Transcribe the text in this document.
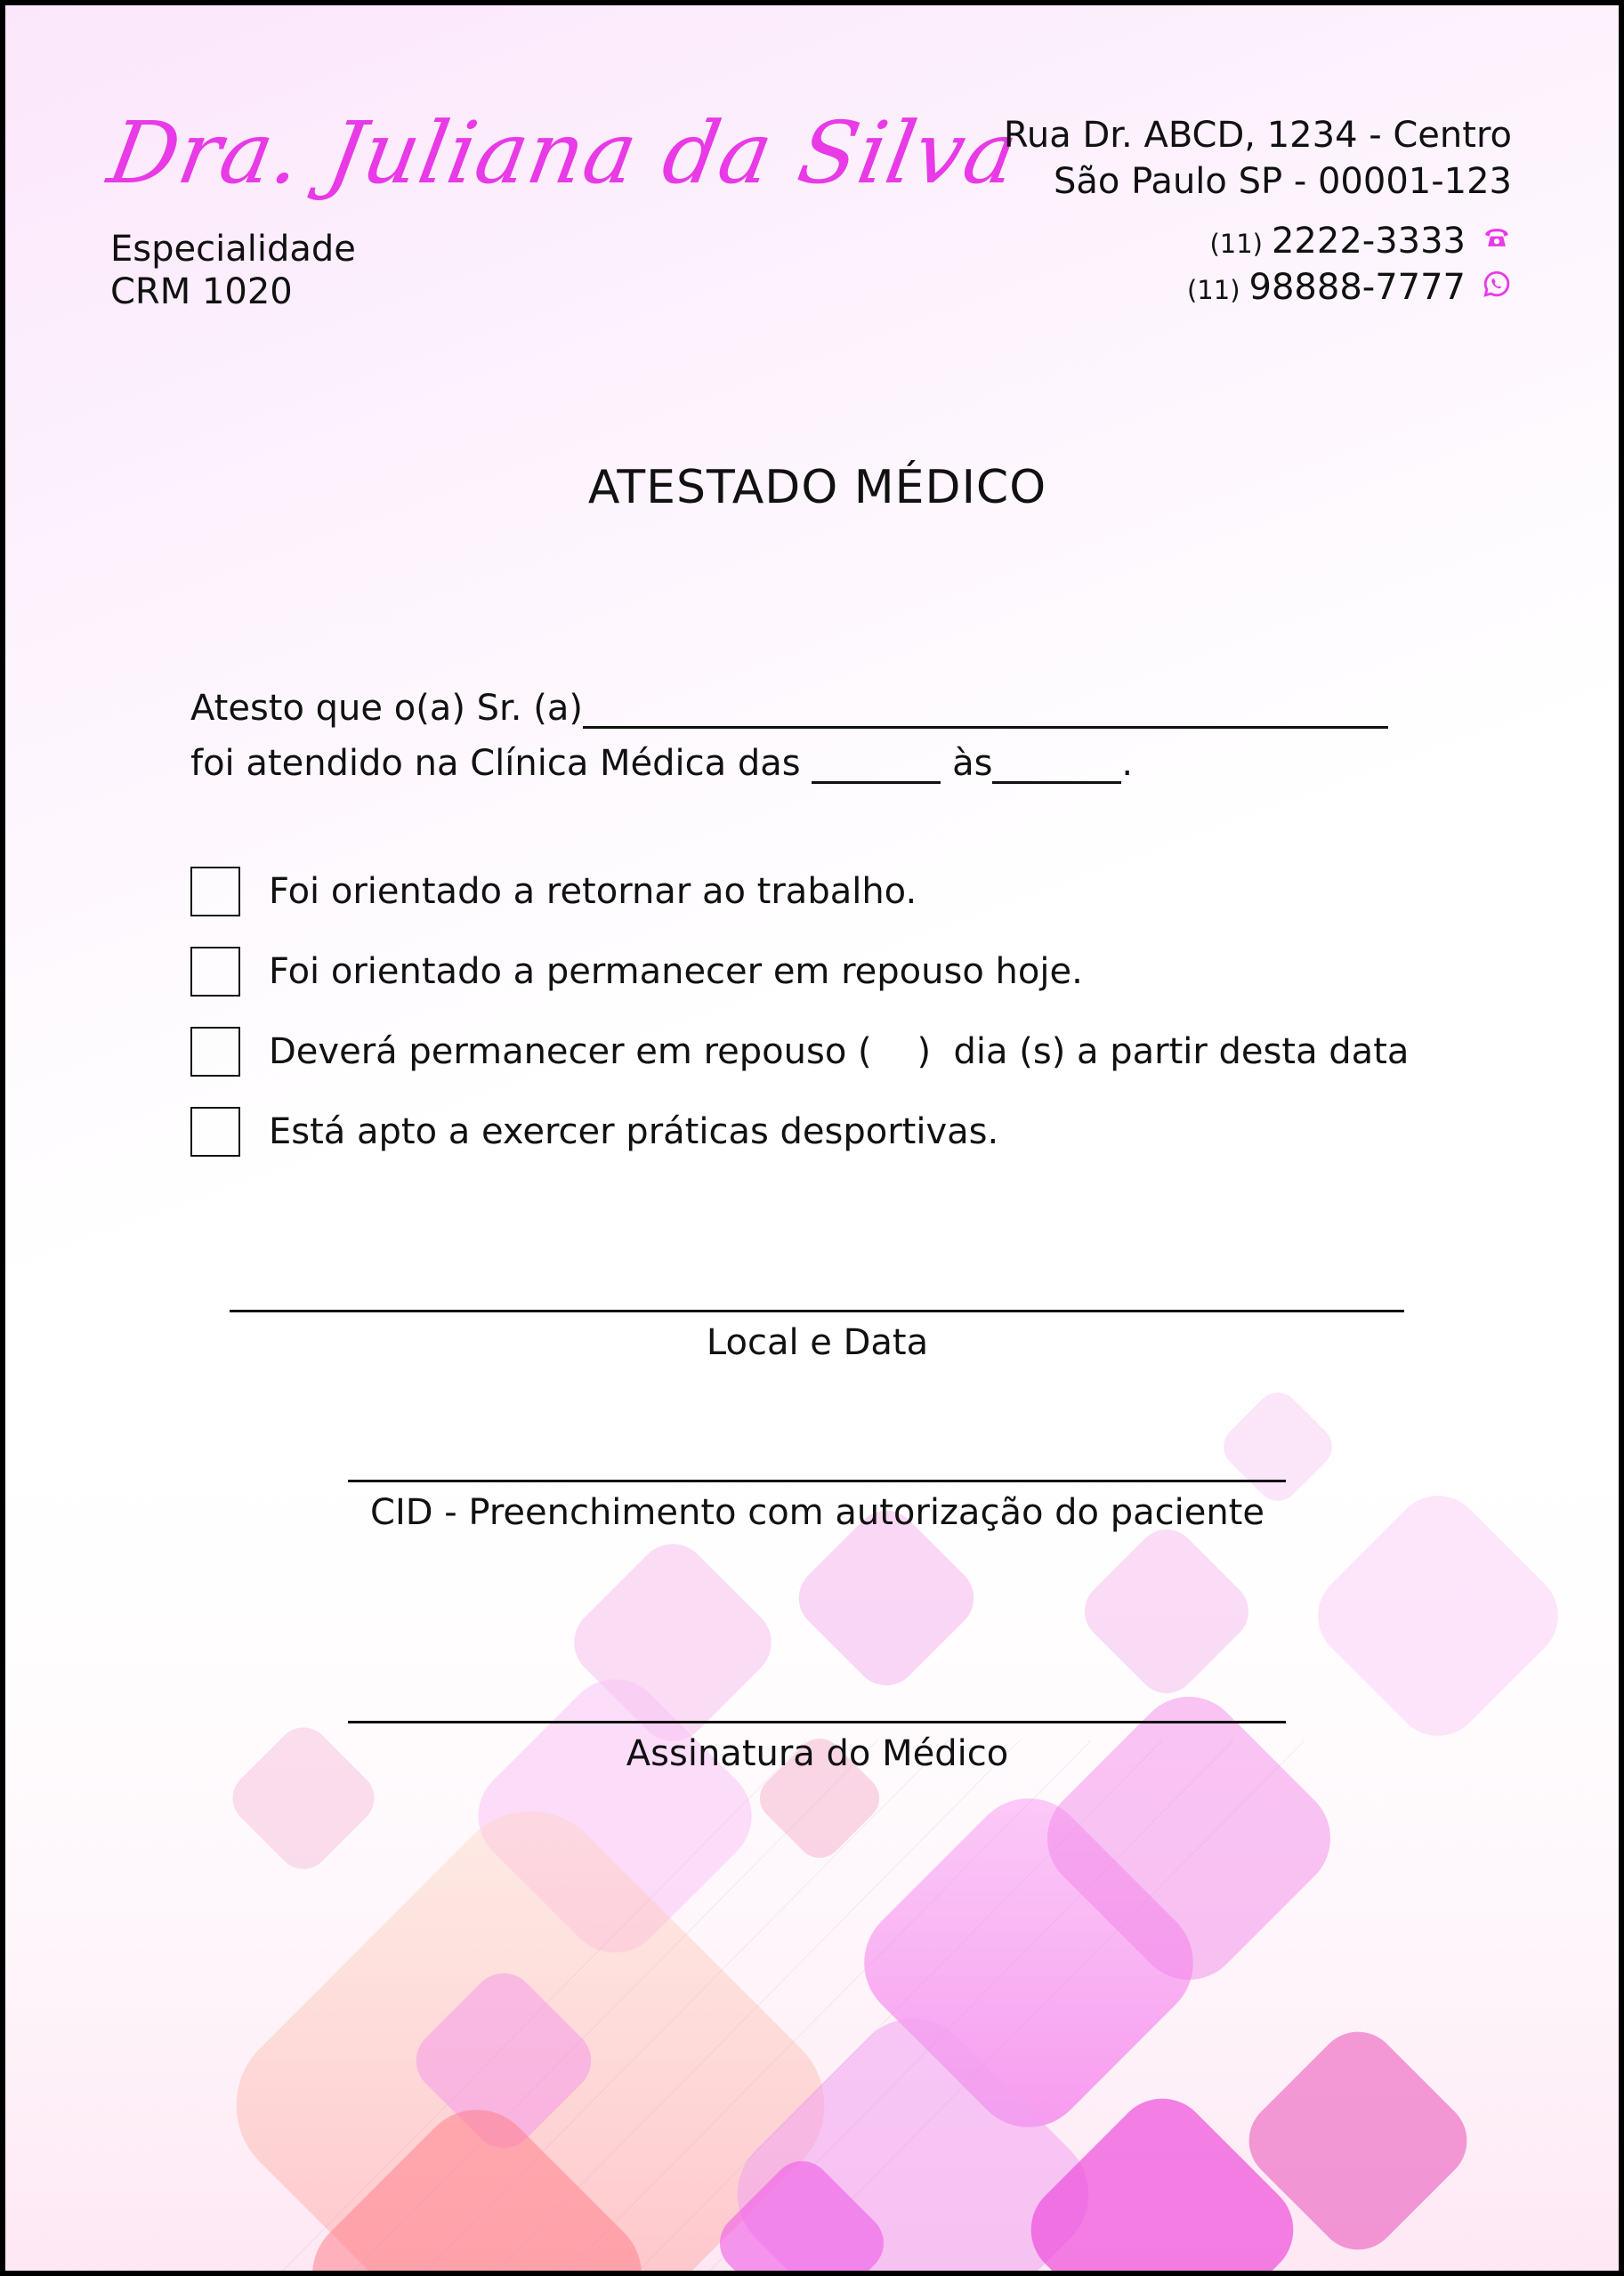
Dra. Juliana da Silva
Especialidade
CRM 1020
Rua Dr. ABCD, 1234 - Centro
São Paulo SP - 00001-123
(11) 2222-3333
(11) 98888-7777
ATESTADO MÉDICO
Atesto que o(a) Sr. (a)
foi atendido na Clínica Médica das	às	.
Foi orientado a retornar ao trabalho.
Foi orientado a permanecer em repouso hoje.
Deverá permanecer em repouso (    )  dia (s) a partir desta data
Está apto a exercer práticas desportivas.
Local e Data
CID - Preenchimento com autorização do paciente
Assinatura do Médico
